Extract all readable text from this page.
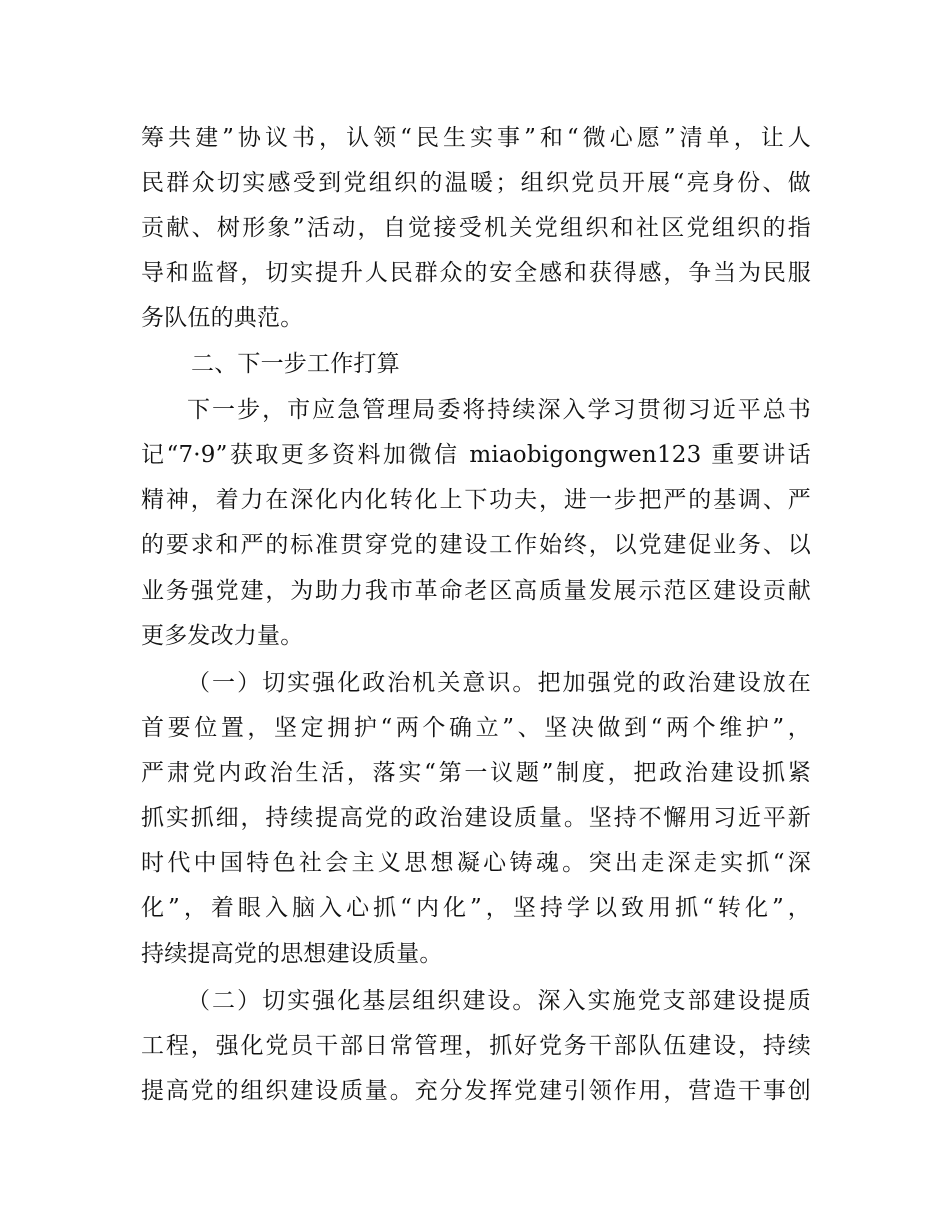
筹共建”协议书，认领“民生实事”和“微心愿”清单，让人
民群众切实感受到党组织的温暖；组织党员开展“亮身份、做
贡献、树形象”活动，自觉接受机关党组织和社区党组织的指
导和监督，切实提升人民群众的安全感和获得感，争当为民服
务队伍的典范。
二、下一步工作打算
下一步，市应急管理局委将持续深入学习贯彻习近平总书
记“7·9”获取更多资料加微信 miaobigongwen123 重要讲话
精神，着力在深化内化转化上下功夫，进一步把严的基调、严
的要求和严的标准贯穿党的建设工作始终，以党建促业务、以
业务强党建，为助力我市革命老区高质量发展示范区建设贡献
更多发改力量。
（一）切实强化政治机关意识。把加强党的政治建设放在
首要位置，坚定拥护“两个确立”、坚决做到“两个维护”，
严肃党内政治生活，落实“第一议题”制度，把政治建设抓紧
抓实抓细，持续提高党的政治建设质量。坚持不懈用习近平新
时代中国特色社会主义思想凝心铸魂。突出走深走实抓“深
化”，着眼入脑入心抓“内化”，坚持学以致用抓“转化”，
持续提高党的思想建设质量。
（二）切实强化基层组织建设。深入实施党支部建设提质
工程，强化党员干部日常管理，抓好党务干部队伍建设，持续
提高党的组织建设质量。充分发挥党建引领作用，营造干事创
